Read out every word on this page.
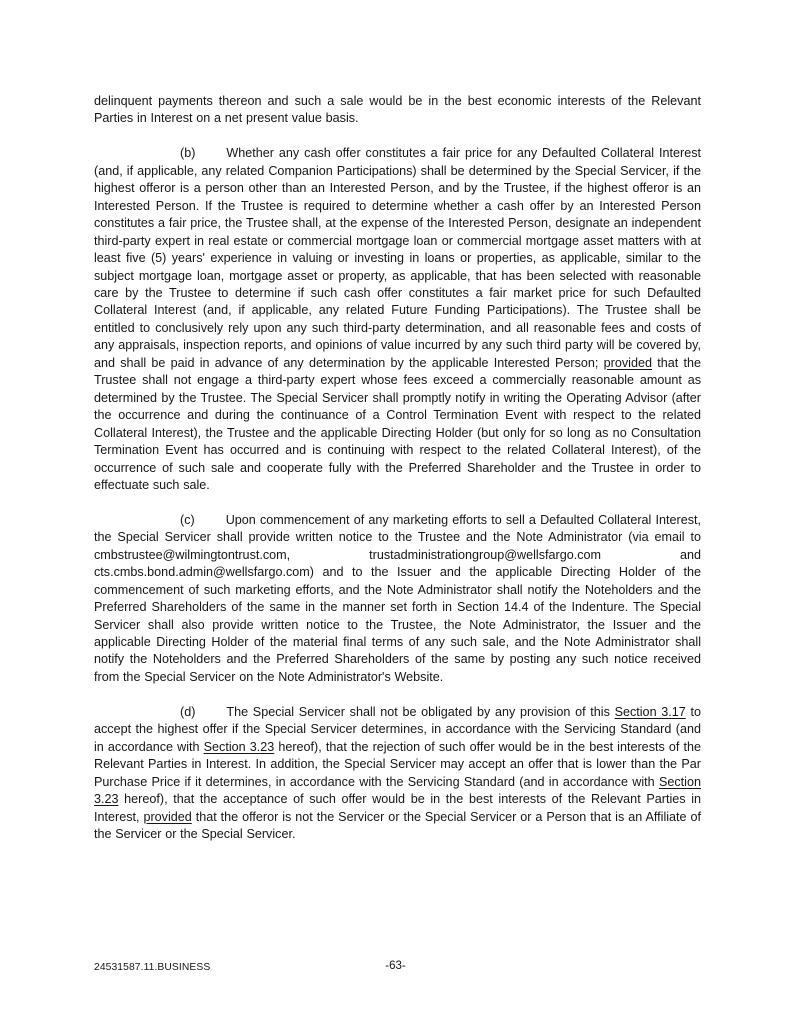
delinquent payments thereon and such a sale would be in the best economic interests of the Relevant Parties in Interest on a net present value basis.

(b) Whether any cash offer constitutes a fair price for any Defaulted Collateral Interest (and, if applicable, any related Companion Participations) shall be determined by the Special Servicer, if the highest offeror is a person other than an Interested Person, and by the Trustee, if the highest offeror is an Interested Person. If the Trustee is required to determine whether a cash offer by an Interested Person constitutes a fair price, the Trustee shall, at the expense of the Interested Person, designate an independent third-party expert in real estate or commercial mortgage loan or commercial mortgage asset matters with at least five (5) years' experience in valuing or investing in loans or properties, as applicable, similar to the subject mortgage loan, mortgage asset or property, as applicable, that has been selected with reasonable care by the Trustee to determine if such cash offer constitutes a fair market price for such Defaulted Collateral Interest (and, if applicable, any related Future Funding Participations). The Trustee shall be entitled to conclusively rely upon any such third-party determination, and all reasonable fees and costs of any appraisals, inspection reports, and opinions of value incurred by any such third party will be covered by, and shall be paid in advance of any determination by the applicable Interested Person; provided that the Trustee shall not engage a third-party expert whose fees exceed a commercially reasonable amount as determined by the Trustee. The Special Servicer shall promptly notify in writing the Operating Advisor (after the occurrence and during the continuance of a Control Termination Event with respect to the related Collateral Interest), the Trustee and the applicable Directing Holder (but only for so long as no Consultation Termination Event has occurred and is continuing with respect to the related Collateral Interest), of the occurrence of such sale and cooperate fully with the Preferred Shareholder and the Trustee in order to effectuate such sale.

(c) Upon commencement of any marketing efforts to sell a Defaulted Collateral Interest, the Special Servicer shall provide written notice to the Trustee and the Note Administrator (via email to cmbstrustee@wilmingtontrust.com, trustadministrationgroup@wellsfargo.com and cts.cmbs.bond.admin@wellsfargo.com) and to the Issuer and the applicable Directing Holder of the commencement of such marketing efforts, and the Note Administrator shall notify the Noteholders and the Preferred Shareholders of the same in the manner set forth in Section 14.4 of the Indenture. The Special Servicer shall also provide written notice to the Trustee, the Note Administrator, the Issuer and the applicable Directing Holder of the material final terms of any such sale, and the Note Administrator shall notify the Noteholders and the Preferred Shareholders of the same by posting any such notice received from the Special Servicer on the Note Administrator's Website.

(d) The Special Servicer shall not be obligated by any provision of this Section 3.17 to accept the highest offer if the Special Servicer determines, in accordance with the Servicing Standard (and in accordance with Section 3.23 hereof), that the rejection of such offer would be in the best interests of the Relevant Parties in Interest. In addition, the Special Servicer may accept an offer that is lower than the Par Purchase Price if it determines, in accordance with the Servicing Standard (and in accordance with Section 3.23 hereof), that the acceptance of such offer would be in the best interests of the Relevant Parties in Interest, provided that the offeror is not the Servicer or the Special Servicer or a Person that is an Affiliate of the Servicer or the Special Servicer.

24531587.11.BUSINESS	-63-
